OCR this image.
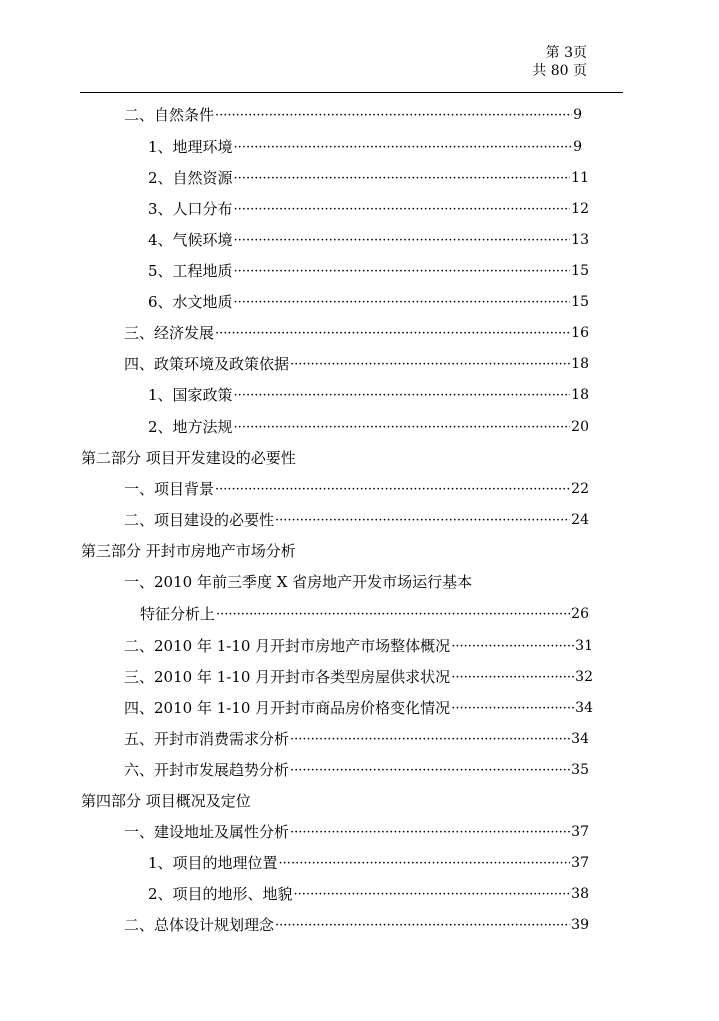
第 3页
共 80 页
二、自然条件 ·····	9
1、地理环境 ·····	9
2、自然资源 ·····	11
3、人口分布 ·····	12
4、气候环境 ·····	13
5、工程地质 ·····	15
6、水文地质 ·····	15
三、经济发展 ·····	16
四、政策环境及政策依据 ·····	18
1、国家政策 ·····	18
2、地方法规 ·····	20
第二部分 项目开发建设的必要性
一、项目背景 ·····	22
二、项目建设的必要性 ·····	24
第三部分 开封市房地产市场分析
一、2010 年前三季度 X 省房地产开发市场运行基本
特征分析上 ·····	26
二、2010 年 1-10 月开封市房地产市场整体概况 ·····	31
三、2010 年 1-10 月开封市各类型房屋供求状况 ·····	32
四、2010 年 1-10 月开封市商品房价格变化情况 ·····	34
五、开封市消费需求分析 ·····	34
六、开封市发展趋势分析 ·····	35
第四部分 项目概况及定位
一、建设地址及属性分析 ·····	37
1、项目的地理位置 ·····	37
2、项目的地形、地貌 ·····	38
二、总体设计规划理念 ·····	39
